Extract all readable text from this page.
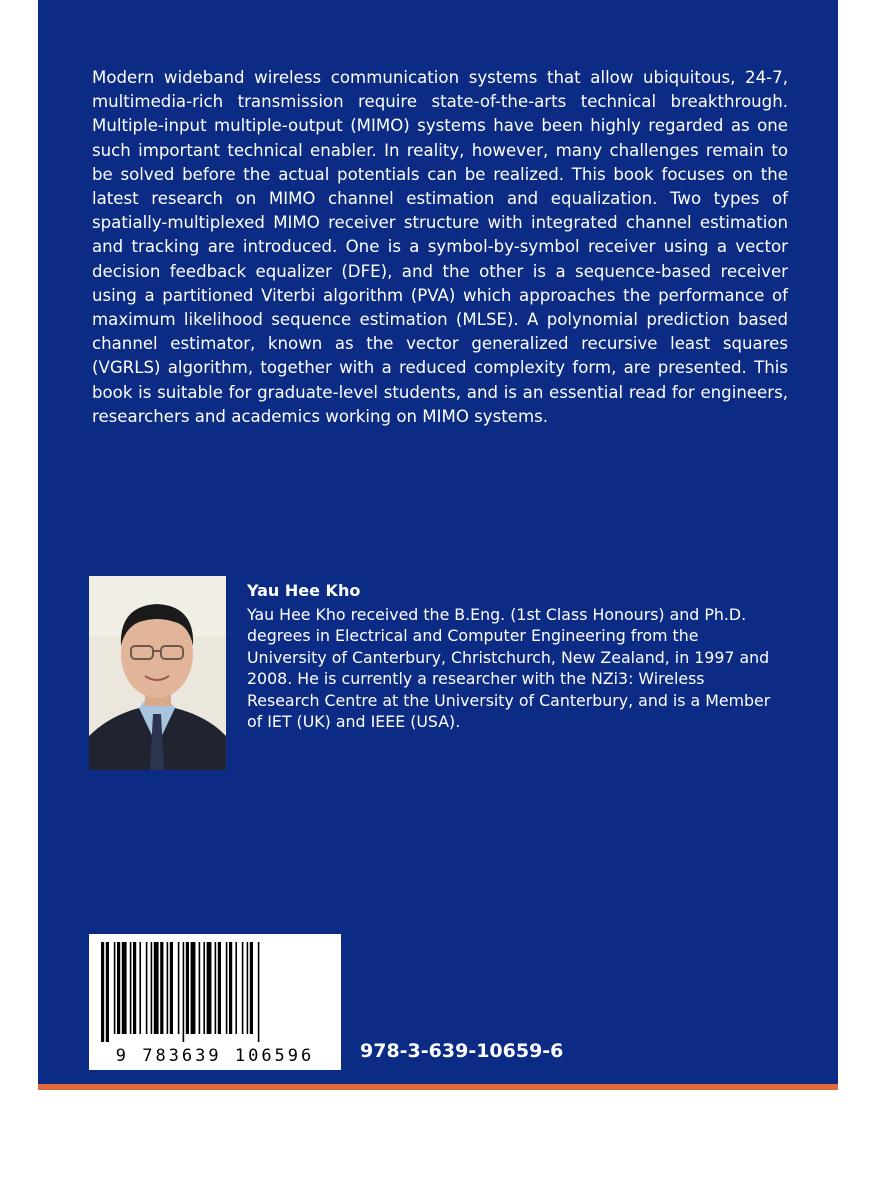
Modern wideband wireless communication systems that allow ubiquitous, 24-7, multimedia-rich transmission require state-of-the-arts technical breakthrough. Multiple-input multiple-output (MIMO) systems have been highly regarded as one such important technical enabler. In reality, however, many challenges remain to be solved before the actual potentials can be realized. This book focuses on the latest research on MIMO channel estimation and equalization. Two types of spatially-multiplexed MIMO receiver structure with integrated channel estimation and tracking are introduced. One is a symbol-by-symbol receiver using a vector decision feedback equalizer (DFE), and the other is a sequence-based receiver using a partitioned Viterbi algorithm (PVA) which approaches the performance of maximum likelihood sequence estimation (MLSE). A polynomial prediction based channel estimator, known as the vector generalized recursive least squares (VGRLS) algorithm, together with a reduced complexity form, are presented. This book is suitable for graduate-level students, and is an essential read for engineers, researchers and academics working on MIMO systems.

Yau Hee Kho

Yau Hee Kho received the B.Eng. (1st Class Honours) and Ph.D. degrees in Electrical and Computer Engineering from the University of Canterbury, Christchurch, New Zealand, in 1997 and 2008. He is currently a researcher with the NZi3: Wireless Research Centre at the University of Canterbury, and is a Member of IET (UK) and IEEE (USA).

9 783639 106596	978-3-639-10659-6
